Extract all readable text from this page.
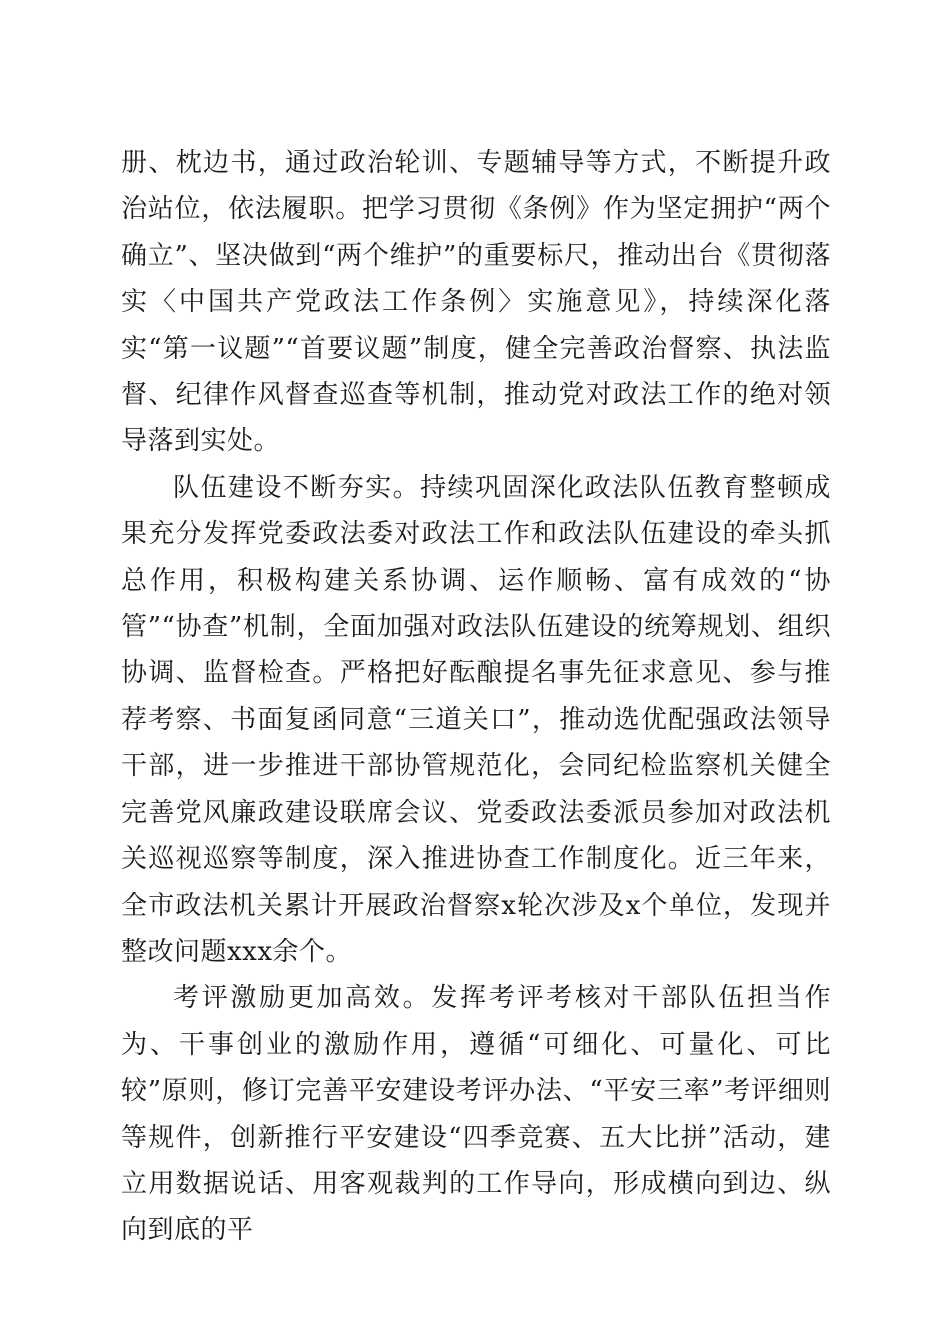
册、枕边书，通过政治轮训、专题辅导等方式，不断提升政治站位，依法履职。把学习贯彻《条例》作为坚定拥护“两个确立”、坚决做到“两个维护”的重要标尺，推动出台《贯彻落实〈中国共产党政法工作条例〉实施意见》，持续深化落实“第一议题”“首要议题”制度，健全完善政治督察、执法监督、纪律作风督查巡查等机制，推动党对政法工作的绝对领导落到实处。

队伍建设不断夯实。持续巩固深化政法队伍教育整顿成果充分发挥党委政法委对政法工作和政法队伍建设的牵头抓总作用，积极构建关系协调、运作顺畅、富有成效的“协管”“协查”机制，全面加强对政法队伍建设的统筹规划、组织协调、监督检查。严格把好酝酿提名事先征求意见、参与推荐考察、书面复函同意“三道关口”，推动选优配强政法领导干部，进一步推进干部协管规范化，会同纪检监察机关健全完善党风廉政建设联席会议、党委政法委派员参加对政法机关巡视巡察等制度，深入推进协查工作制度化。近三年来，全市政法机关累计开展政治督察x轮次涉及x个单位，发现并整改问题xxx余个。

考评激励更加高效。发挥考评考核对干部队伍担当作为、干事创业的激励作用，遵循“可细化、可量化、可比较”原则，修订完善平安建设考评办法、“平安三率”考评细则等规件，创新推行平安建设“四季竞赛、五大比拼”活动，建立用数据说话、用客观裁判的工作导向，形成横向到边、纵向到底的平
